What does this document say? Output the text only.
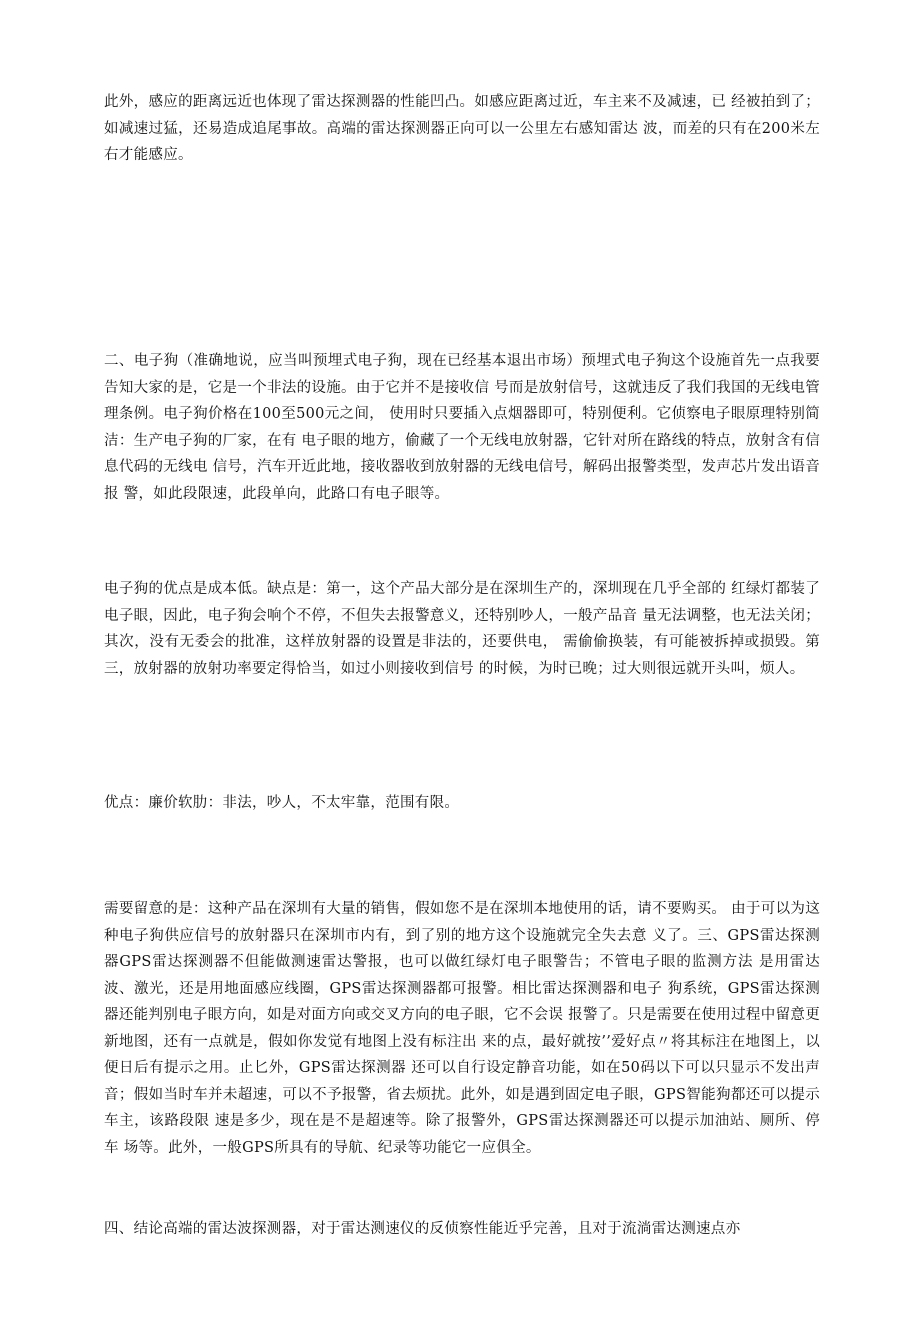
此外，感应的距离远近也体现了雷达探测器的性能凹凸。如感应距离过近，车主来不及减速，已 经被拍到了；如减速过猛，还易造成追尾事故。高端的雷达探测器正向可以一公里左右感知雷达 波，而差的只有在200米左右才能感应。

二、电子狗（准确地说，应当叫预埋式电子狗，现在已经基本退出市场）预埋式电子狗这个设施首先一点我要告知大家的是，它是一个非法的设施。由于它并不是接收信 号而是放射信号，这就违反了我们我国的无线电管理条例。电子狗价格在100至500元之间， 使用时只要插入点烟器即可，特别便利。它侦察电子眼原理特别简洁：生产电子狗的厂家，在有 电子眼的地方，偷藏了一个无线电放射器，它针对所在路线的特点，放射含有信息代码的无线电 信号，汽车开近此地，接收器收到放射器的无线电信号，解码出报警类型，发声芯片发出语音报 警，如此段限速，此段单向，此路口有电子眼等。

电子狗的优点是成本低。缺点是：第一，这个产品大部分是在深圳生产的，深圳现在几乎全部的 红绿灯都装了电子眼，因此，电子狗会响个不停，不但失去报警意义，还特别吵人，一般产品音 量无法调整，也无法关闭；其次，没有无委会的批准，这样放射器的设置是非法的，还要供电， 需偷偷换装，有可能被拆掉或损毁。第三，放射器的放射功率要定得恰当，如过小则接收到信号 的时候，为时已晚；过大则很远就开头叫，烦人。

优点：廉价软肋：非法，吵人，不太牢靠，范围有限。

需要留意的是：这种产品在深圳有大量的销售，假如您不是在深圳本地使用的话，请不要购买。 由于可以为这种电子狗供应信号的放射器只在深圳市内有，到了别的地方这个设施就完全失去意 义了。三、GPS雷达探测器GPS雷达探测器不但能做测速雷达警报，也可以做红绿灯电子眼警告；不管电子眼的监测方法 是用雷达波、激光，还是用地面感应线圈，GPS雷达探测器都可报警。相比雷达探测器和电子 狗系统，GPS雷达探测器还能判别电子眼方向，如是对面方向或交叉方向的电子眼，它不会误 报警了。只是需要在使用过程中留意更新地图，还有一点就是，假如你发觉有地图上没有标注出 来的点，最好就按’’爱好点〃将其标注在地图上，以便日后有提示之用。止匕外，GPS雷达探测器 还可以自行设定静音功能，如在50码以下可以只显示不发出声音；假如当时车并未超速，可以不予报警，省去烦扰。此外，如是遇到固定电子眼，GPS智能狗都还可以提示车主，该路段限 速是多少，现在是不是超速等。除了报警外，GPS雷达探测器还可以提示加油站、厕所、停车 场等。此外，一般GPS所具有的导航、纪录等功能它一应俱全。

四、结论高端的雷达波探测器，对于雷达测速仪的反侦察性能近乎完善，且对于流淌雷达测速点亦
